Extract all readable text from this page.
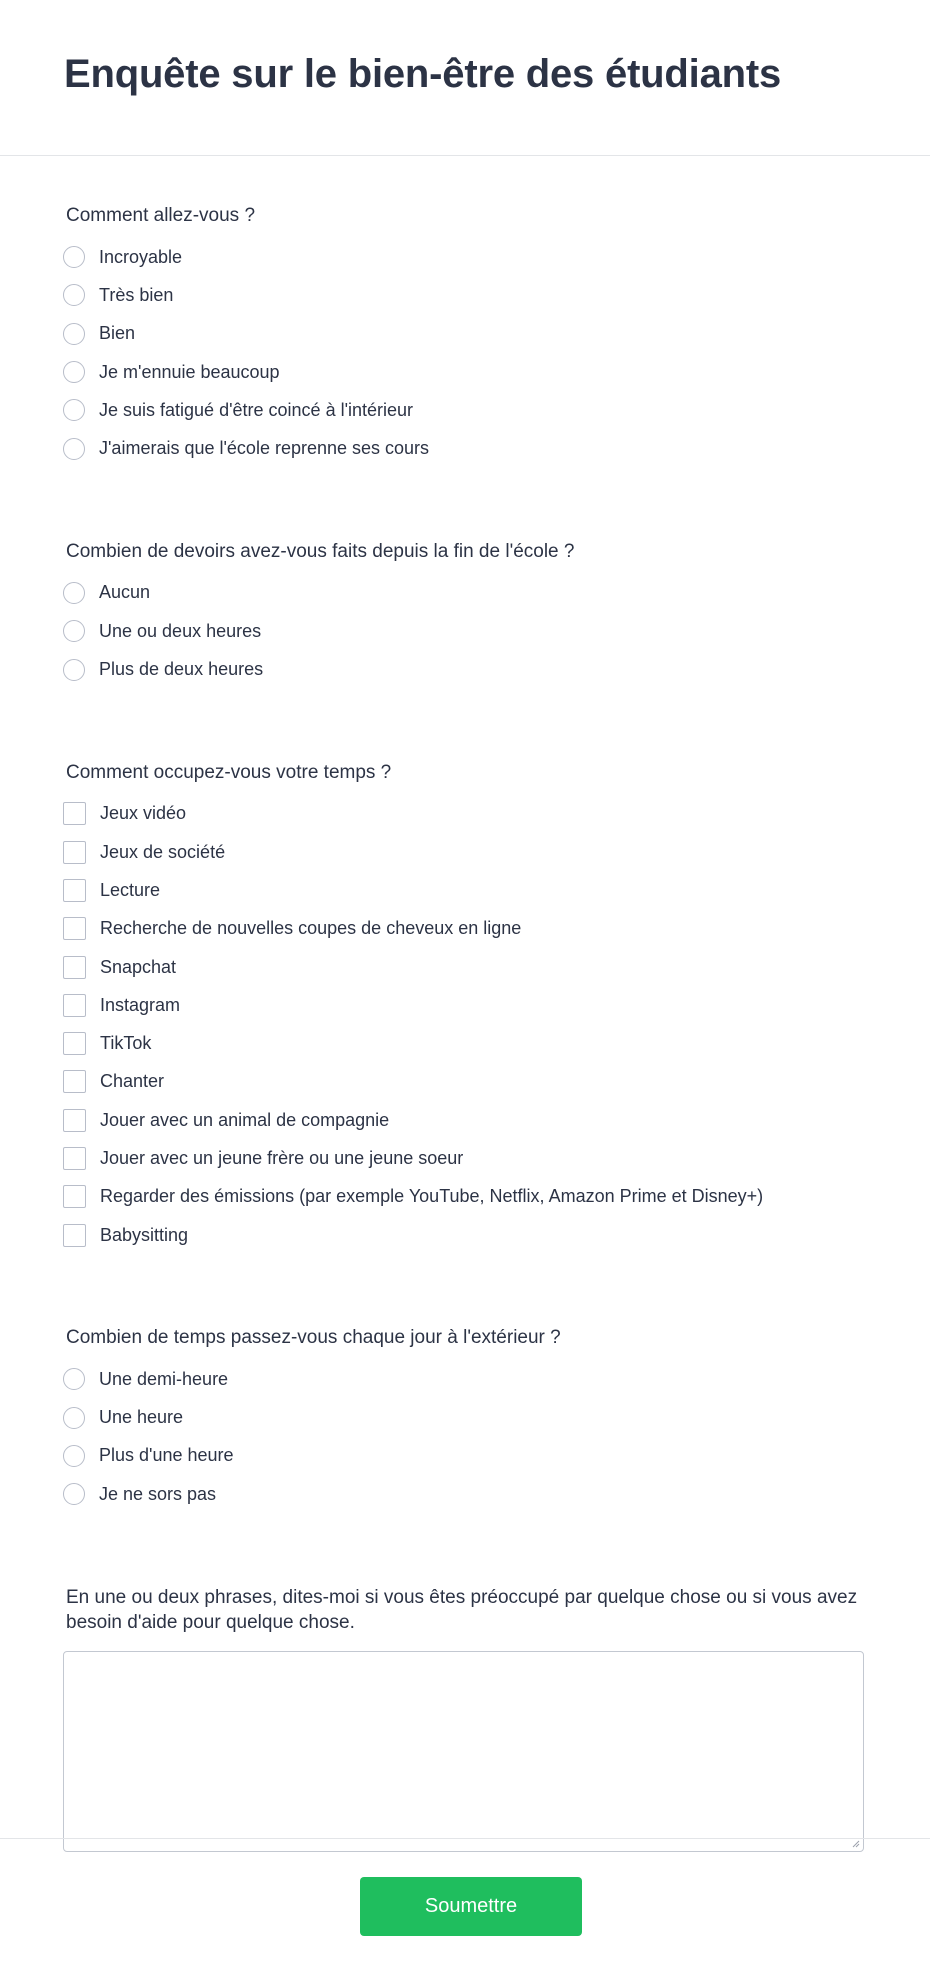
Enquête sur le bien-être des étudiants
Comment allez-vous ?
Incroyable
Très bien
Bien
Je m'ennuie beaucoup
Je suis fatigué d'être coincé à l'intérieur
J'aimerais que l'école reprenne ses cours
Combien de devoirs avez-vous faits depuis la fin de l'école ?
Aucun
Une ou deux heures
Plus de deux heures
Comment occupez-vous votre temps ?
Jeux vidéo
Jeux de société
Lecture
Recherche de nouvelles coupes de cheveux en ligne
Snapchat
Instagram
TikTok
Chanter
Jouer avec un animal de compagnie
Jouer avec un jeune frère ou une jeune soeur
Regarder des émissions (par exemple YouTube, Netflix, Amazon Prime et Disney+)
Babysitting
Combien de temps passez-vous chaque jour à l'extérieur ?
Une demi-heure
Une heure
Plus d'une heure
Je ne sors pas
En une ou deux phrases, dites-moi si vous êtes préoccupé par quelque chose ou si vous avez besoin d'aide pour quelque chose.
Soumettre
